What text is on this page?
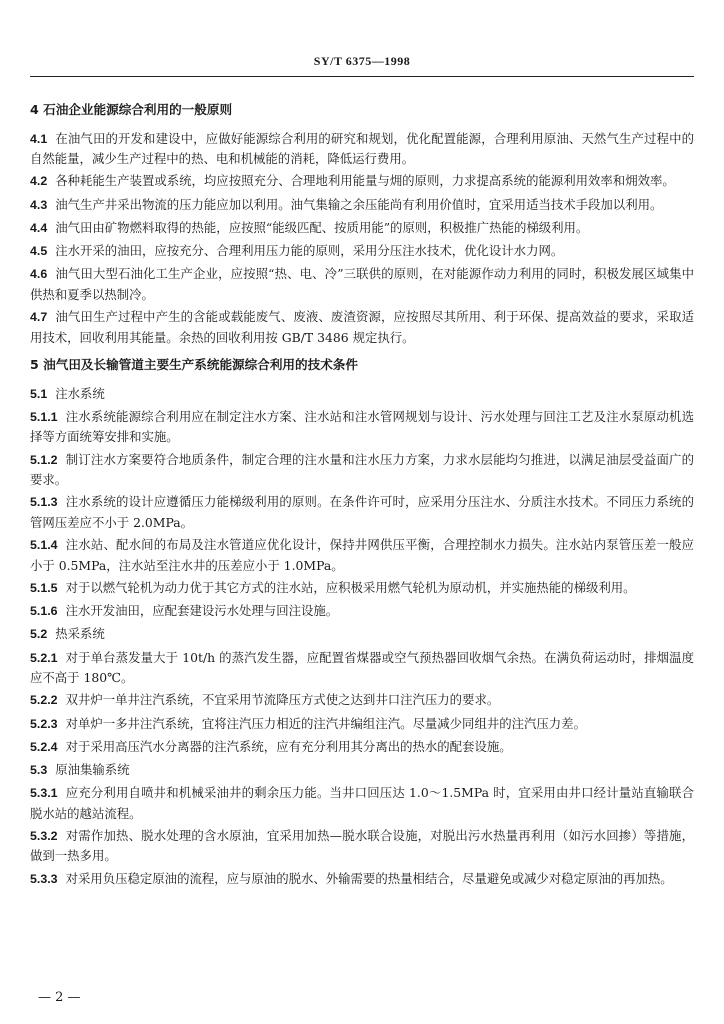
SY/T 6375—1998
4 石油企业能源综合利用的一般原则
4.1 在油气田的开发和建设中，应做好能源综合利用的研究和规划，优化配置能源，合理利用原油、天然气生产过程中的自然能量，减少生产过程中的热、电和机械能的消耗，降低运行费用。
4.2 各种耗能生产装置或系统，均应按照充分、合理地利用能量与㶲的原则，力求提高系统的能源利用效率和㶲效率。
4.3 油气生产井采出物流的压力能应加以利用。油气集输之余压能尚有利用价值时，宜采用适当技术手段加以利用。
4.4 油气田由矿物燃料取得的热能，应按照“能级匹配、按质用能”的原则，积极推广热能的梯级利用。
4.5 注水开采的油田，应按充分、合理利用压力能的原则，采用分压注水技术，优化设计水力网。
4.6 油气田大型石油化工生产企业，应按照“热、电、冷”三联供的原则，在对能源作动力利用的同时，积极发展区域集中供热和夏季以热制冷。
4.7 油气田生产过程中产生的含能或载能废气、废液、废渣资源，应按照尽其所用、利于环保、提高效益的要求，采取适用技术，回收利用其能量。余热的回收利用按 GB/T 3486 规定执行。
5 油气田及长输管道主要生产系统能源综合利用的技术条件
5.1 注水系统
5.1.1 注水系统能源综合利用应在制定注水方案、注水站和注水管网规划与设计、污水处理与回注工艺及注水泵原动机选择等方面统筹安排和实施。
5.1.2 制订注水方案要符合地质条件，制定合理的注水量和注水压力方案，力求水层能均匀推进，以满足油层受益面广的要求。
5.1.3 注水系统的设计应遵循压力能梯级利用的原则。在条件许可时，应采用分压注水、分质注水技术。不同压力系统的管网压差应不小于 2.0MPa。
5.1.4 注水站、配水间的布局及注水管道应优化设计，保持井网供压平衡，合理控制水力损失。注水站内泵管压差一般应小于 0.5MPa，注水站至注水井的压差应小于 1.0MPa。
5.1.5 对于以燃气轮机为动力优于其它方式的注水站，应积极采用燃气轮机为原动机，并实施热能的梯级利用。
5.1.6 注水开发油田，应配套建设污水处理与回注设施。
5.2 热采系统
5.2.1 对于单台蒸发量大于 10t/h 的蒸汽发生器，应配置省煤器或空气预热器回收烟气余热。在满负荷运动时，排烟温度应不高于 180℃。
5.2.2 双井炉一单井注汽系统，不宜采用节流降压方式使之达到井口注汽压力的要求。
5.2.3 对单炉一多井注汽系统，宜将注汽压力相近的注汽井编组注汽。尽量减少同组井的注汽压力差。
5.2.4 对于采用高压汽水分离器的注汽系统，应有充分利用其分离出的热水的配套设施。
5.3 原油集输系统
5.3.1 应充分利用自喷井和机械采油井的剩余压力能。当井口回压达 1.0～1.5MPa 时，宜采用由井口经计量站直输联合脱水站的越站流程。
5.3.2 对需作加热、脱水处理的含水原油，宜采用加热—脱水联合设施，对脱出污水热量再利用（如污水回掺）等措施，做到一热多用。
5.3.3 对采用负压稳定原油的流程，应与原油的脱水、外输需要的热量相结合，尽量避免或减少对稳定原油的再加热。
— 2 —
